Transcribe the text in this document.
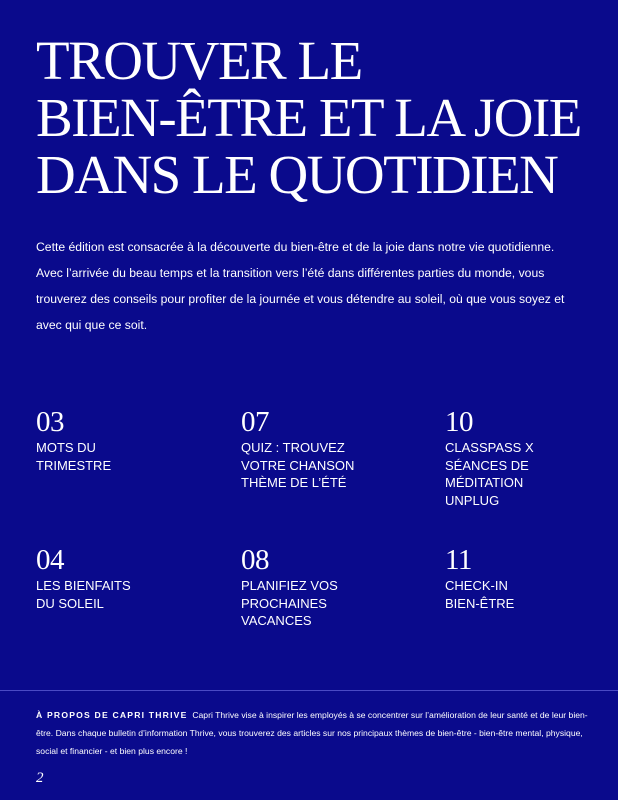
TROUVER LE
BIEN-ÊTRE ET LA JOIE
DANS LE QUOTIDIEN

Cette édition est consacrée à la découverte du bien-être et de la joie dans notre vie quotidienne. Avec l’arrivée du beau temps et la transition vers l’été dans différentes parties du monde, vous trouverez des conseils pour profiter de la journée et vous détendre au soleil, où que vous soyez et avec qui que ce soit.

03
MOTS DU
TRIMESTRE
07
QUIZ : TROUVEZ
VOTRE CHANSON
THÈME DE L’ÉTÉ
10
CLASSPASS X
SÉANCES DE
MÉDITATION
UNPLUG
04
LES BIENFAITS
DU SOLEIL
08
PLANIFIEZ VOS
PROCHAINES
VACANCES
11
CHECK-IN
BIEN-ÊTRE

À PROPOS DE CAPRI THRIVE Capri Thrive vise à inspirer les employés à se concentrer sur l’amélioration de leur santé et de leur bien-être. Dans chaque bulletin d’information Thrive, vous trouverez des articles sur nos principaux thèmes de bien-être - bien-être mental, physique, social et financier - et bien plus encore !

2
